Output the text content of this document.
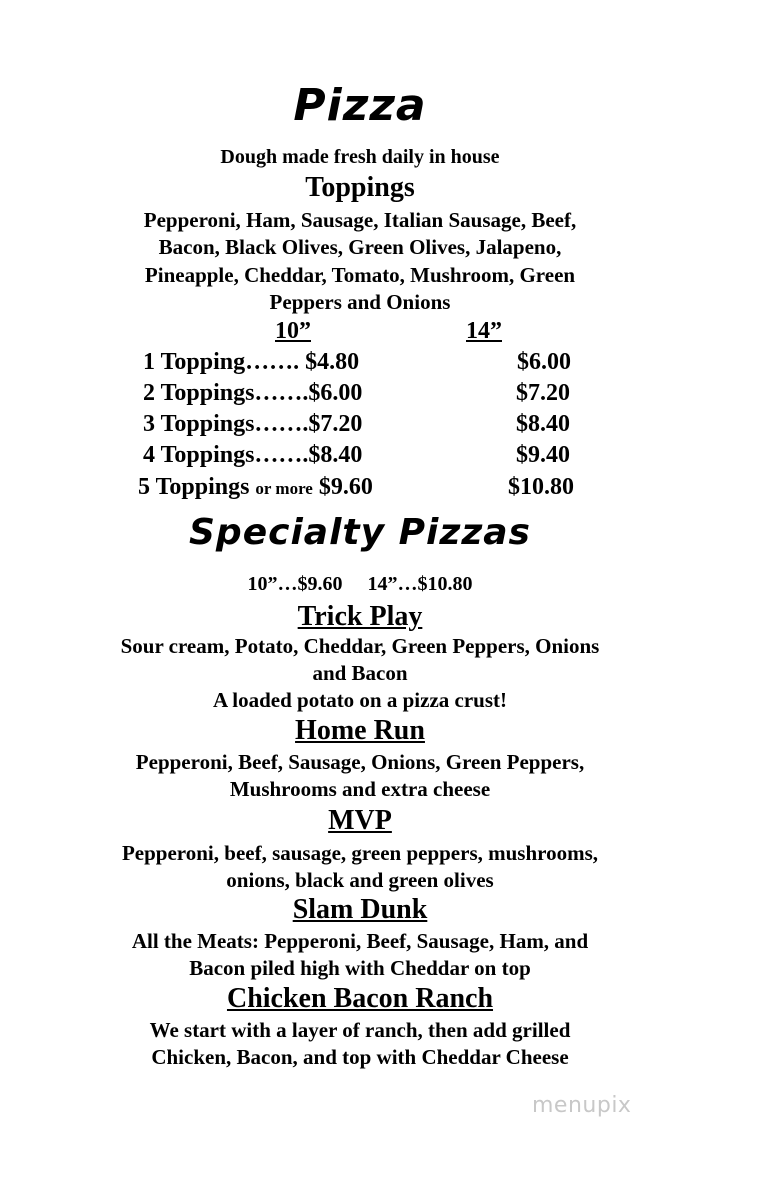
Pizza
Dough made fresh daily in house
Toppings
Pepperoni, Ham, Sausage, Italian Sausage, Beef,
Bacon, Black Olives, Green Olives, Jalapeno,
Pineapple, Cheddar, Tomato, Mushroom, Green
Peppers and Onions
10”	14”
1 Topping……. $4.80	$6.00
2 Toppings…….$6.00	$7.20
3 Toppings…….$7.20	$8.40
4 Toppings…….$8.40	$9.40
5 Toppings or more $9.60	$10.80
Specialty Pizzas
10”…$9.60     14”…$10.80
Trick Play
Sour cream, Potato, Cheddar, Green Peppers, Onions
and Bacon
A loaded potato on a pizza crust!
Home Run
Pepperoni, Beef, Sausage, Onions, Green Peppers,
Mushrooms and extra cheese
MVP
Pepperoni, beef, sausage, green peppers, mushrooms,
onions, black and green olives
Slam Dunk
All the Meats: Pepperoni, Beef, Sausage, Ham, and
Bacon piled high with Cheddar on top
Chicken Bacon Ranch
We start with a layer of ranch, then add grilled
Chicken, Bacon, and top with Cheddar Cheese
menupix
